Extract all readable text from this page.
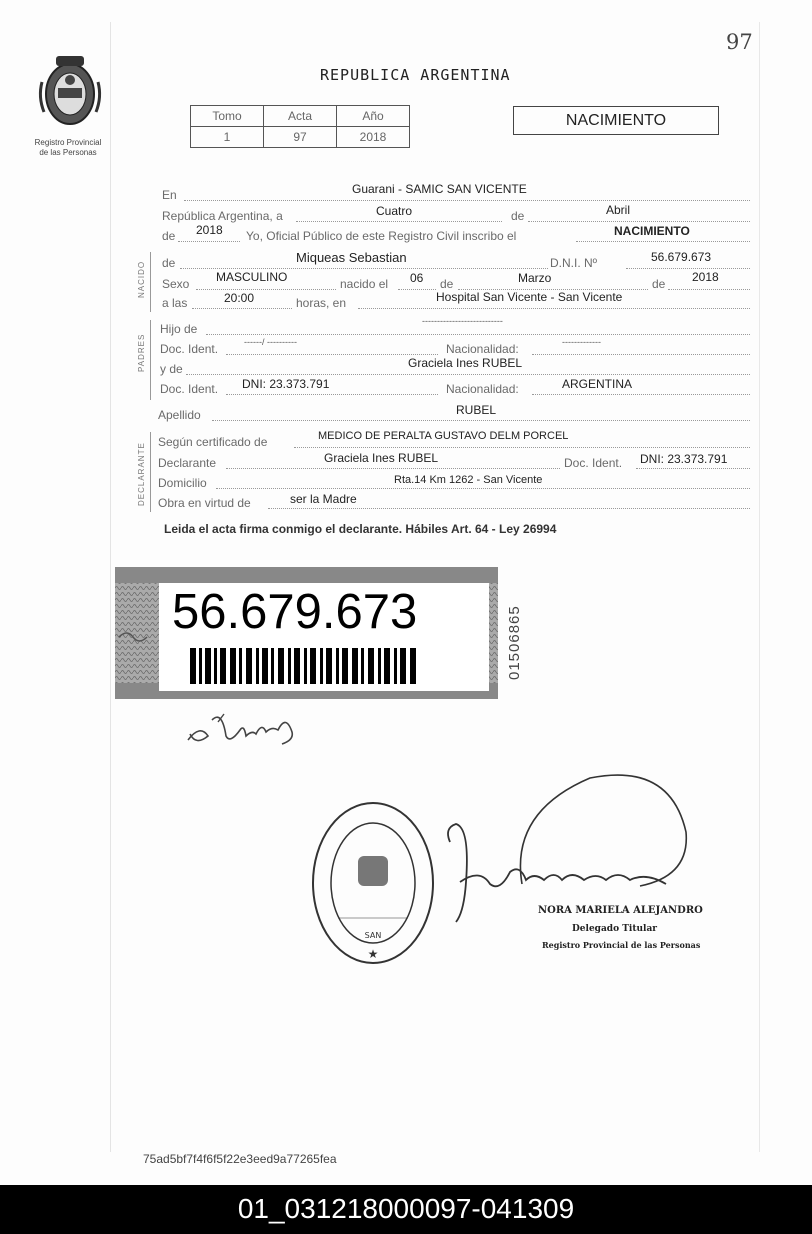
97
Registro Provincial
de las Personas
REPUBLICA ARGENTINA
Tomo	Acta	Año
1	97	2018
NACIMIENTO
NACIDO
PADRES
DECLARANTE
En	Guarani - SAMIC SAN VICENTE
República Argentina, a	Cuatro	de	Abril
de 2018 Yo, Oficial Público de este Registro Civil inscribo el	NACIMIENTO
de	Miqueas Sebastian	D.N.I. Nº	56.679.673
Sexo MASCULINO	nacido el 06 de	Marzo	de 2018
a las	20:00	horas, en	Hospital San Vicente - San Vicente
Hijo de
---------------------------
Doc. Ident.	------/ ----------	Nacionalidad:	-------------
y de	Graciela Ines RUBEL
Doc. Ident. DNI: 23.373.791	Nacionalidad:	ARGENTINA
Apellido	RUBEL
Según certificado de	MEDICO DE PERALTA GUSTAVO DELM PORCEL
Declarante	Graciela Ines RUBEL	Doc. Ident. DNI: 23.373.791
Domicilio	Rta.14 Km 1262 - San Vicente
Obra en virtud de	ser la Madre
Leida el acta firma conmigo el declarante. Hábiles Art. 64 - Ley 26994
56.679.673	01506865
SAN
★
NORA MARIELA ALEJANDRO
Delegado Titular
Registro Provincial de las Personas
75ad5bf7f4f6f5f22e3eed9a77265fea
01_031218000097-041309
